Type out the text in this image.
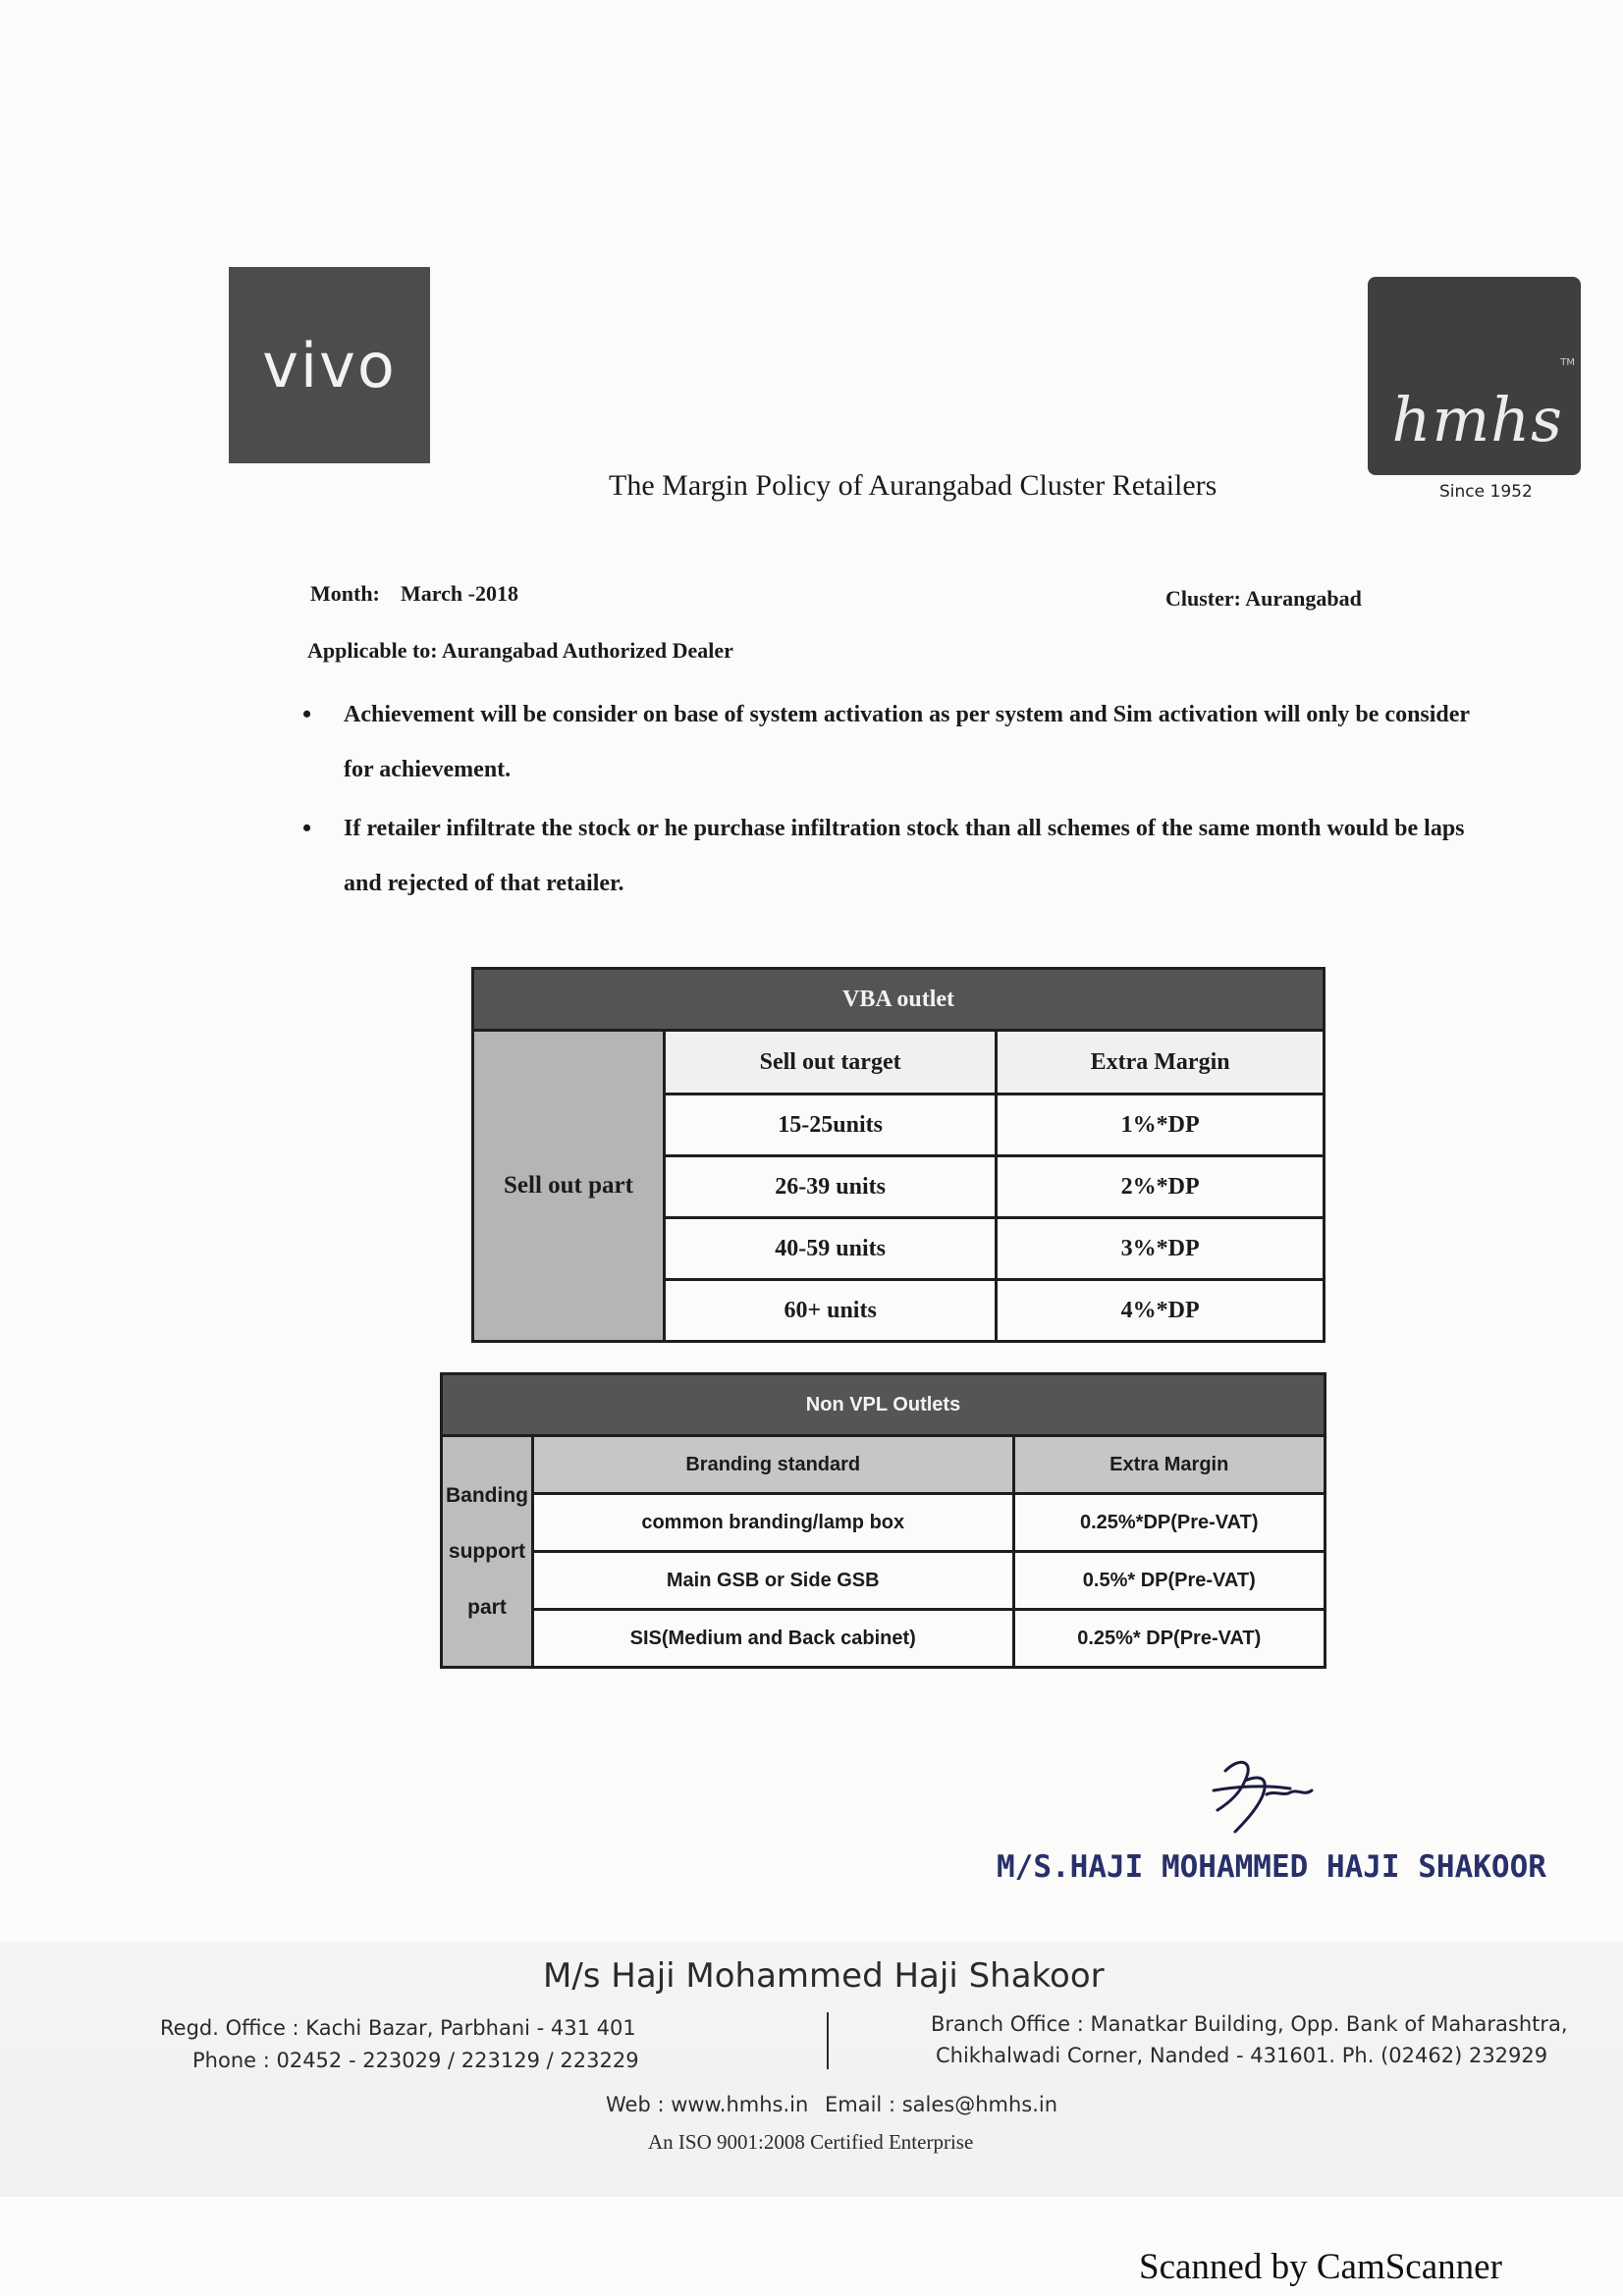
vivo
hmhs
TM
Since 1952
The Margin Policy of Aurangabad Cluster Retailers
Month: March -2018	Cluster: Aurangabad
Applicable to: Aurangabad Authorized Dealer
• Achievement will be consider on base of system activation as per system and Sim activation will only be consider
for achievement.
• If retailer infiltrate the stock or he purchase infiltration stock than all schemes of the same month would be laps
and rejected of that retailer.
VBA outlet		
Sell out part	Sell out target	Extra Margin
	15-25units	1%*DP
	26-39 units	2%*DP
	40-59 units	3%*DP
	60+ units	4%*DP
Non VPL Outlets		

Banding
support
part	Branding standard	Extra Margin
	common branding/lamp box	0.25%*DP(Pre-VAT)
	Main GSB or Side GSB	0.5%* DP(Pre-VAT)
	SIS(Medium and Back cabinet)	0.25%* DP(Pre-VAT)
M/S.HAJI MOHAMMED HAJI SHAKOOR
M/s Haji Mohammed Haji Shakoor
Regd. Office : Kachi Bazar, Parbhani - 431 401
Phone : 02452 - 223029 / 223129 / 223229
Branch Office : Manatkar Building, Opp. Bank of Maharashtra,
Chikhalwadi Corner, Nanded - 431601. Ph. (02462) 232929
Web : www.hmhs.in Email : sales@hmhs.in
An ISO 9001:2008 Certified Enterprise
Scanned by CamScanner
